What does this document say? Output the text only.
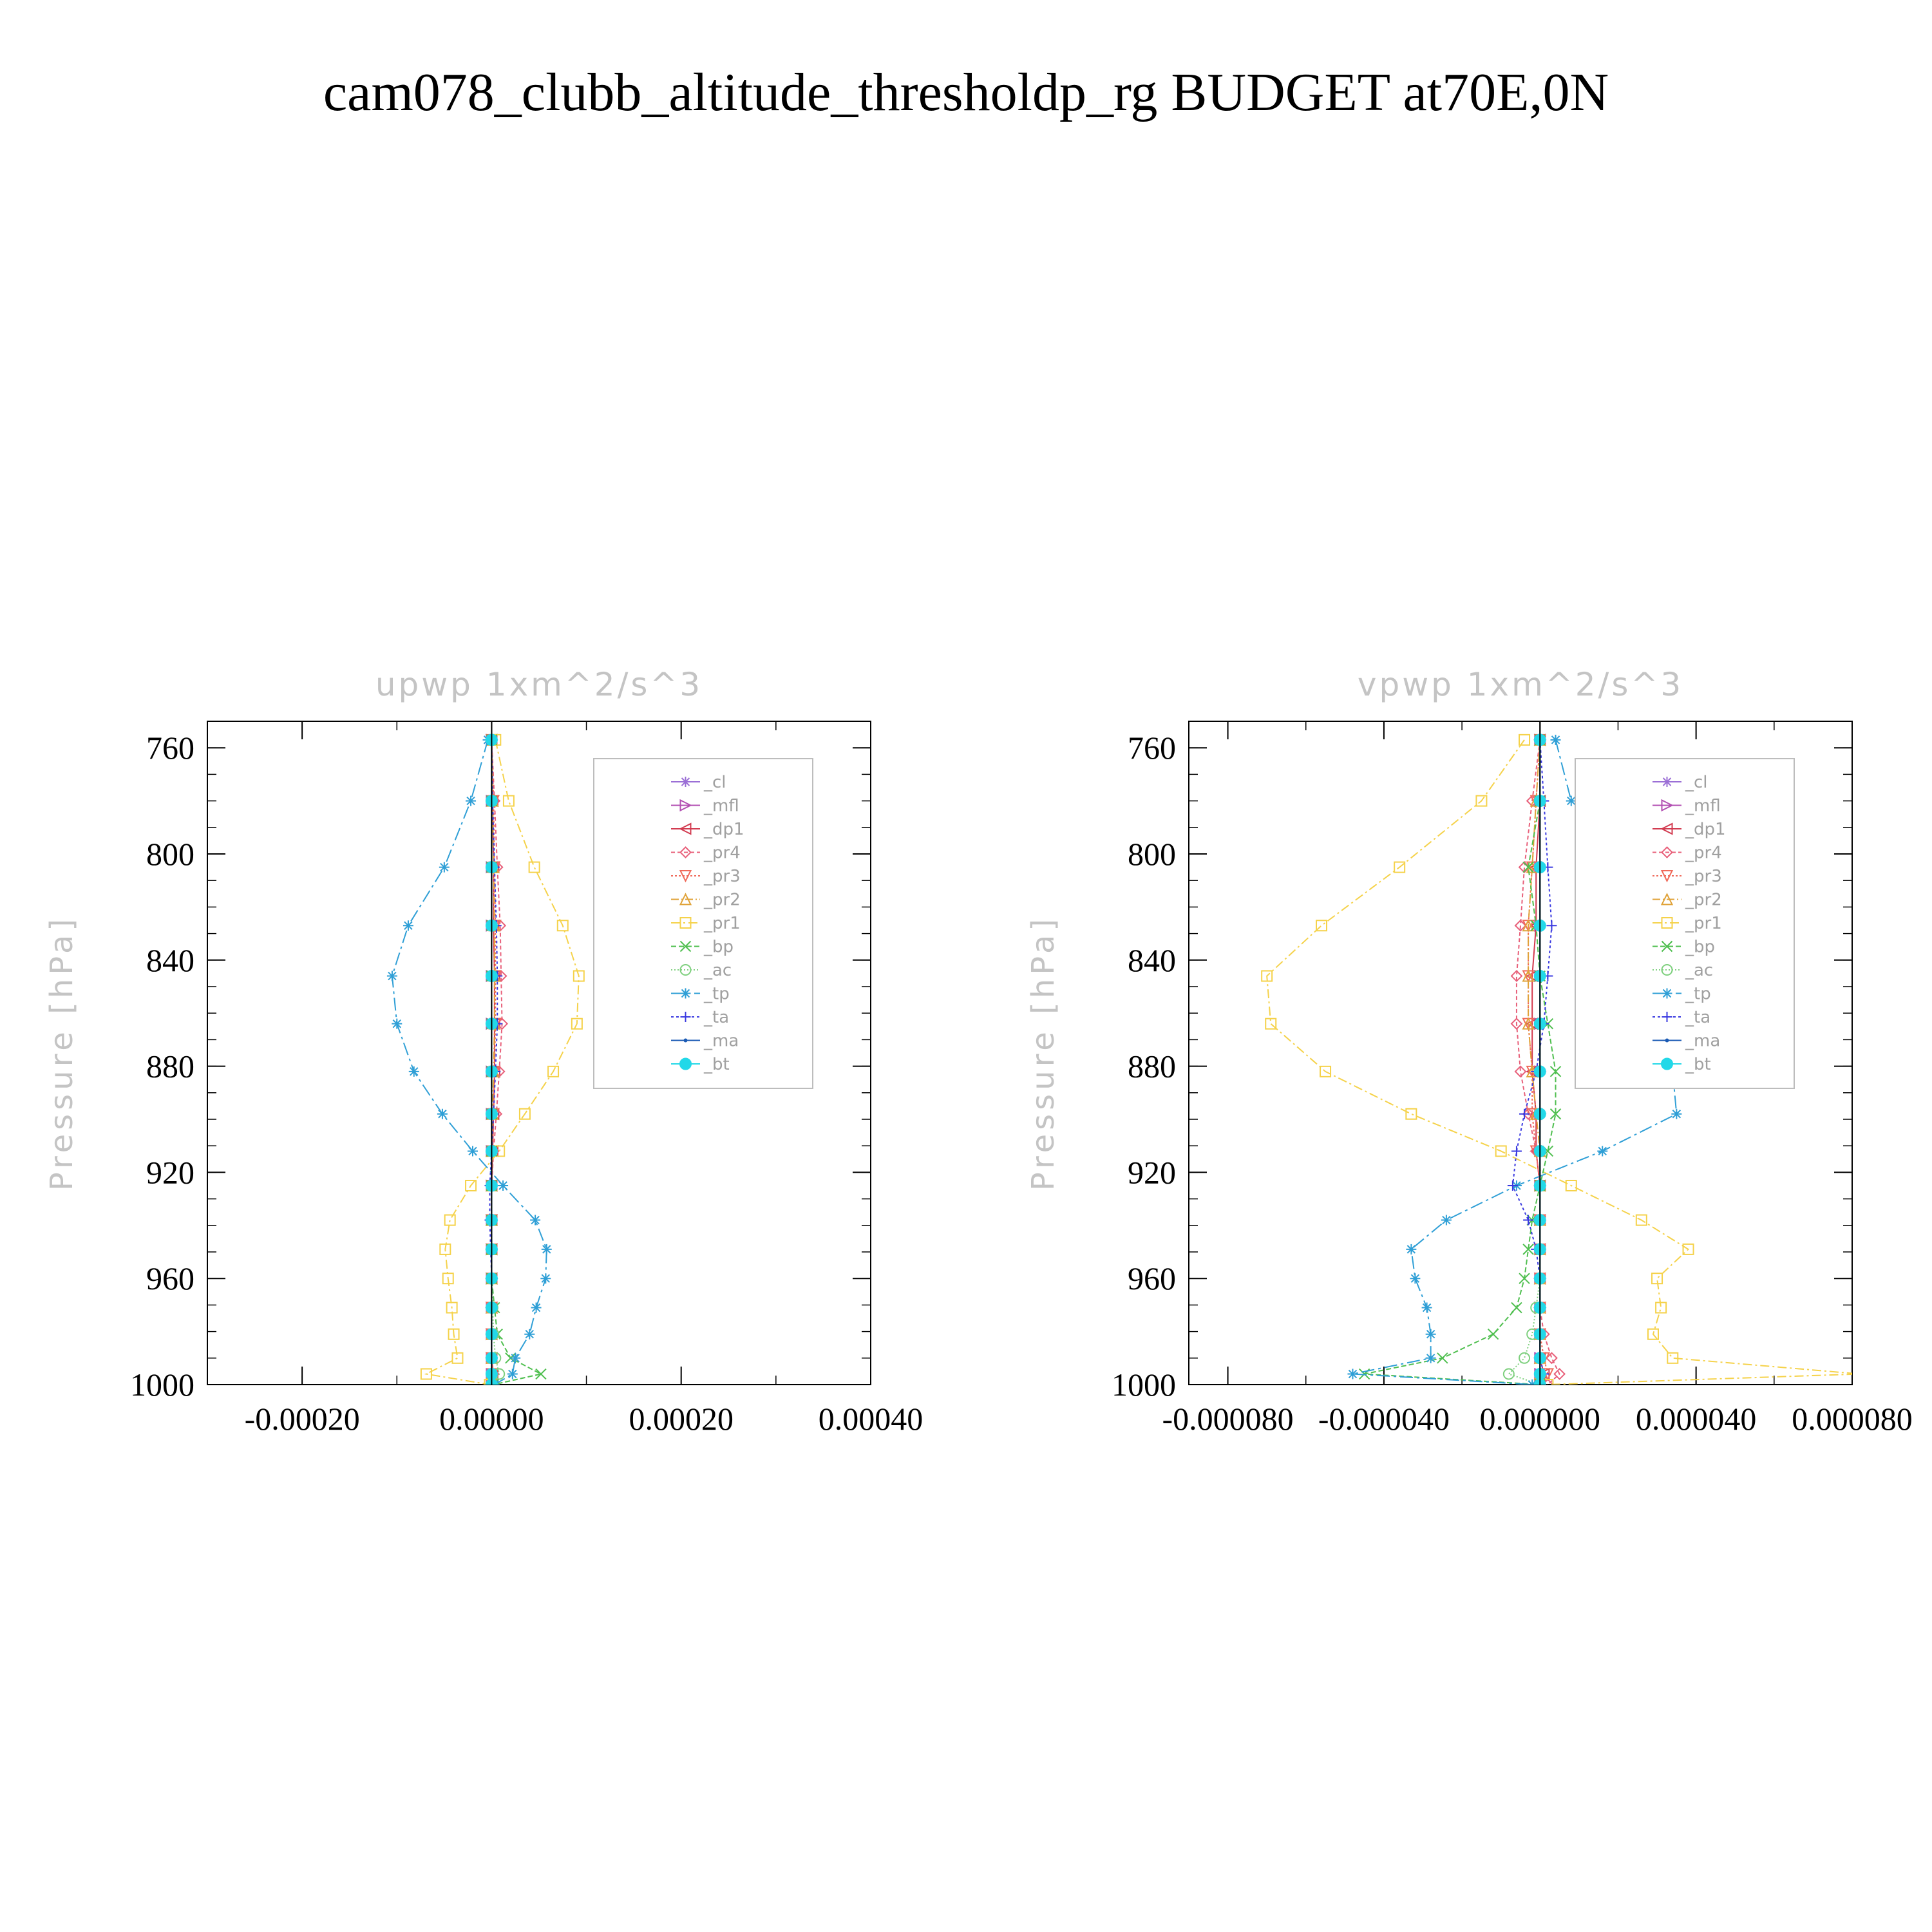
cam078_clubb_altitude_thresholdp_rg BUDGET at70E,0N
upwp 1xm^2/s^3
Pressure [hPa]
760
800
840
880
920
960
1000
-0.00020 0.00000	0.00020	0.00040
_cl
_mfl
_dp1
_pr4
_pr3
_pr2
_pr1
_bp
_ac
_tp
_ta
_ma
_bt
vpwp 1xm^2/s^3
Pressure [hPa]
760
800
840
880
920
960
1000
-0.000080 -0.000040 0.000000 0.000040 0.000080
_cl
_mfl
_dp1
_pr4
_pr3
_pr2
_pr1
_bp
_ac
_tp
_ta
_ma
_bt
